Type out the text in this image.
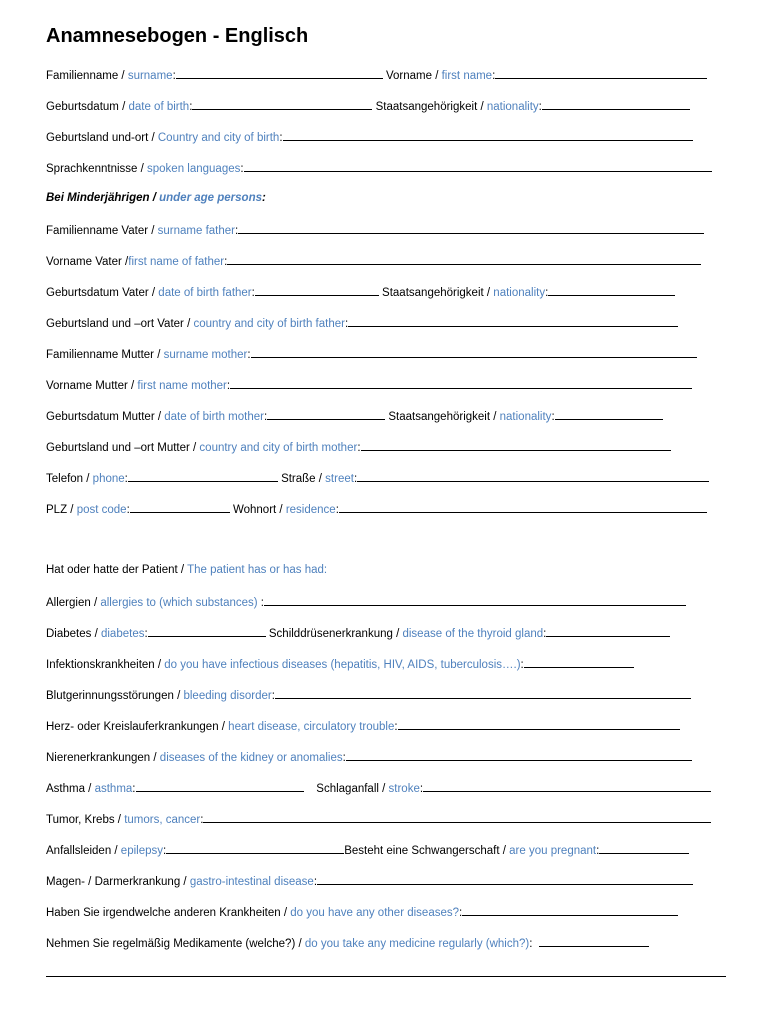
Anamnesebogen - Englisch
Familienname / surname:	Vorname / first name:
Geburtsdatum / date of birth:	Staatsangehörigkeit / nationality:
Geburtsland und-ort / Country and city of birth:
Sprachkenntnisse / spoken languages:
Bei Minderjährigen / under age persons:
Familienname Vater / surname father:
Vorname Vater /first name of father:
Geburtsdatum Vater / date of birth father:	Staatsangehörigkeit / nationality:
Geburtsland und –ort Vater / country and city of birth father:
Familienname Mutter / surname mother:
Vorname Mutter / first name mother:
Geburtsdatum Mutter / date of birth mother:	Staatsangehörigkeit / nationality:
Geburtsland und –ort Mutter / country and city of birth mother:
Telefon / phone:	Straße / street:
PLZ / post code:	Wohnort / residence:
Hat oder hatte der Patient / The patient has or has had:
Allergien / allergies to (which substances) :
Diabetes / diabetes:	Schilddrüsenerkrankung / disease of the thyroid gland:
Infektionskrankheiten / do you have infectious diseases (hepatitis, HIV, AIDS, tuberculosis….):
Blutgerinnungsstörungen / bleeding disorder:
Herz- oder Kreislauferkrankungen / heart disease, circulatory trouble:
Nierenerkrankungen / diseases of the kidney or anomalies:
Asthma / asthma:	Schlaganfall / stroke:
Tumor, Krebs / tumors, cancer:
Anfallsleiden / epilepsy:	Besteht eine Schwangerschaft / are you pregnant:
Magen- / Darmerkrankung / gastro-intestinal disease:
Haben Sie irgendwelche anderen Krankheiten / do you have any other diseases?:
Nehmen Sie regelmäßig Medikamente (welche?) / do you take any medicine regularly (which?):
